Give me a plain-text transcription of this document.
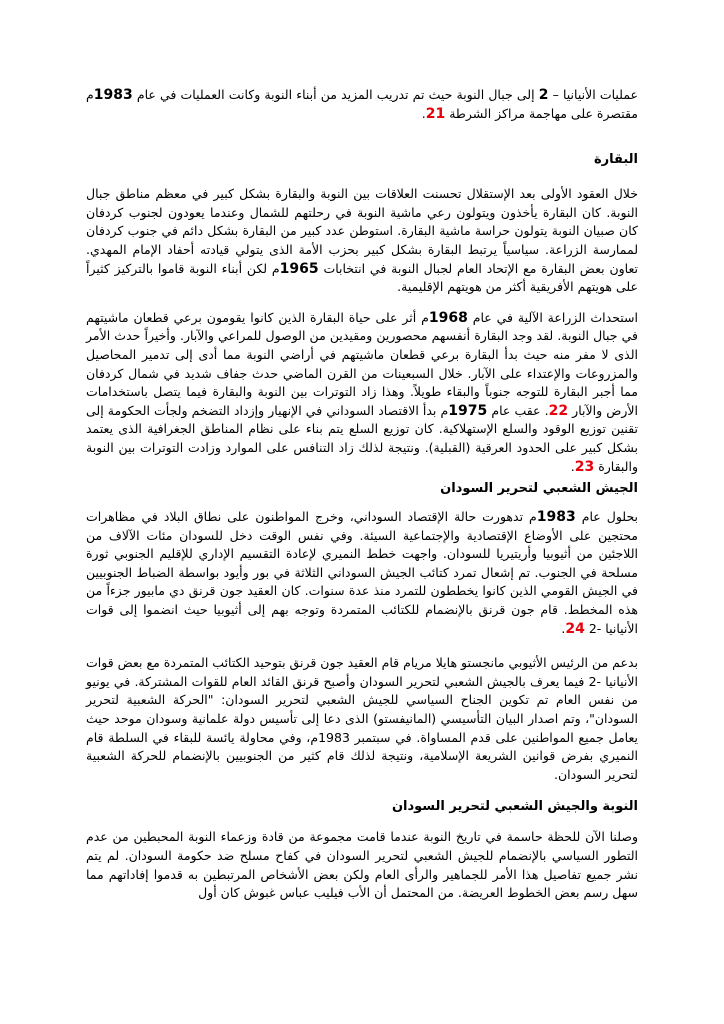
عمليات الأنيانيا – 2 إلى جبال النوبة حيث تم تدريب المزيد من أبناء النوبة وكانت العمليات في عام 1983م مقتصرة على مهاجمة مراكز الشرطة 21.

البقارة

خلال العقود الأولى بعد الإستقلال تحسنت العلاقات بين النوبة والبقارة بشكل كبير في معظم مناطق جبال النوبة. كان البقارة يأخذون ويتولون رعي ماشية النوبة في رحلتهم للشمال وعندما يعودون لجنوب كردفان كان صبيان النوبة يتولون حراسة ماشية البقارة. استوطن عدد كبير من البقارة بشكل دائم في جنوب كردفان لممارسة الزراعة. سياسياً يرتبط البقارة بشكل كبير بحزب الأمة الذى يتولي قيادته أحفاد الإمام المهدي. تعاون بعض البقارة مع الإتحاد العام لجبال النوبة في انتخابات 1965م لكن أبناء النوبة قاموا بالتركيز كثيراً على هويتهم الأفريقية أكثر من هويتهم الإقليمية.

استحداث الزراعة الآلية في عام 1968م أثر على حياة البقارة الذين كانوا يقومون برعي قطعان ماشيتهم في جبال النوبة. لقد وجد البقارة أنفسهم محصورين ومقيدين من الوصول للمراعي والآبار. وأخيراً حدث الأمر الذى لا مفر منه حيث بدأ البقارة برعي قطعان ماشيتهم في أراضي النوبة مما أدى إلى تدمير المحاصيل والمزروعات والإعتداء على الآبار. خلال السبعينات من القرن الماضي حدث جفاف شديد في شمال كردفان مما أجبر البقارة للتوجه جنوباً والبقاء طويلاً. وهذا زاد التوترات بين النوبة والبقارة فيما يتصل باستخدامات الأرض والآبار 22. عقب عام 1975م بدأ الاقتصاد السوداني في الإنهيار وإزداد التضخم ولجأت الحكومة إلى تقنين توزيع الوقود والسلع الإستهلاكية. كان توزيع السلع يتم بناء على نظام المناطق الجغرافية الذى يعتمد بشكل كبير على الحدود العرقية (القبلية). ونتيجة لذلك زاد التنافس على الموارد وزادت التوترات بين النوبة والبقارة 23.

الجيش الشعبي لتحرير السودان

بحلول عام 1983م تدهورت حالة الإقتصاد السوداني، وخرج المواطنون على نطاق البلاد في مظاهرات محتجين على الأوضاع الإقتصادية والإجتماعية السيئة. وفي نفس الوقت دخل للسودان مئات الآلاف من اللاجئين من أثيوبيا وأريتيريا للسودان. واجهت خطط النميري لإعادة التقسيم الإداري للإقليم الجنوبي ثورة مسلحة في الجنوب. تم إشعال تمرد كتائب الجيش السوداني الثلاثة في بور وأيود بواسطة الضباط الجنوبيين في الجيش القومي الذين كانوا يخططون للتمرد منذ عدة سنوات. كان العقيد جون قرنق دي مابيور جزءاً من هذه المخطط. قام جون قرنق بالإنضمام للكتائب المتمردة وتوجه بهم إلى أثيوبيا حيث انضموا إلى قوات الأنيانيا -2 24.

بدعم من الرئيس الأثيوبي مانجستو هايلا مريام قام العقيد جون قرنق بتوحيد الكتائب المتمردة مع بعض قوات الأنيانيا -2 فيما يعرف بالجيش الشعبي لتحرير السودان وأصبح قرنق القائد العام للقوات المشتركة. في يونيو من نفس العام تم تكوين الجناح السياسي للجيش الشعبي لتحرير السودان: "الحركة الشعبية لتحرير السودان"، وتم اصدار البيان التأسيسي (المانيفستو) الذى دعا إلى تأسيس دولة علمانية وسودان موحد حيث يعامل جميع المواطنين على قدم المساواة. في سبتمبر 1983م، وفي محاولة يائسة للبقاء في السلطة قام النميري بفرض قوانين الشريعة الإسلامية، ونتيجة لذلك قام كثير من الجنوبيين بالإنضمام للحركة الشعبية لتحرير السودان.

النوبة والجيش الشعبي لتحرير السودان

وصلنا الآن للحظة حاسمة في تاريخ النوبة عندما قامت مجموعة من قادة وزعماء النوبة المحبطين من عدم التطور السياسي بالإنضمام للجيش الشعبي لتحرير السودان في كفاح مسلح ضد حكومة السودان. لم يتم نشر جميع تفاصيل هذا الأمر للجماهير والرأى العام ولكن بعض الأشخاص المرتبطين به قدموا إفاداتهم مما سهل رسم بعض الخطوط العريضة. من المحتمل أن الأب فيليب عباس غبوش كان أول
